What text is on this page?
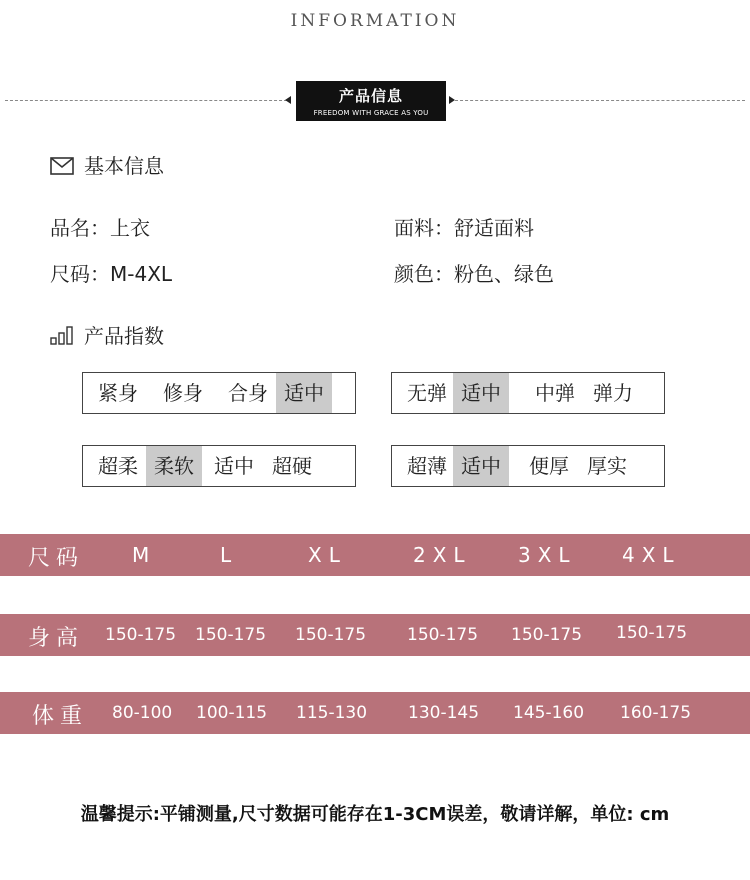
INFORMATION
产品信息
FREEDOM WITH GRACE AS YOU
基本信息
品名：上衣	面料：舒适面料
尺码：M-4XL	颜色：粉色、绿色
产品指数
紧身 修身 合身 适中	无弹 适中	中弹 弹力
超柔 柔软	适中 超硬	超薄 适中	便厚 厚实
尺码 M	L	XL	2XL 3XL 4XL
身高 150-175 150-175 150-175 150-175 150-175 150-175
体重 80-100 100-115 115-130 130-145 145-160 160-175
温馨提示:平铺测量,尺寸数据可能存在1-3CM误差，敬请详解，单位: cm
